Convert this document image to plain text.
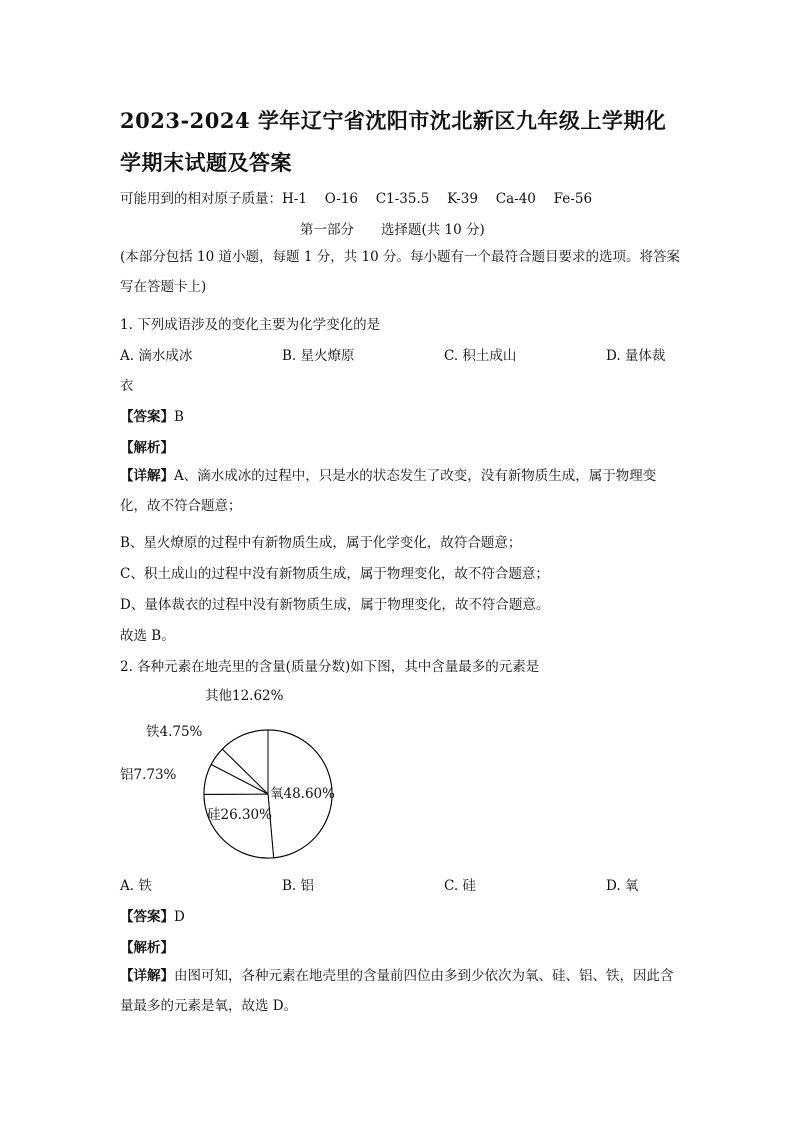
2023-2024 学年辽宁省沈阳市沈北新区九年级上学期化学期末试题及答案
可能用到的相对原子质量：H-1　 O-16 　C1-35.5　 K-39　 Ca-40 　Fe-56
第一部分　　选择题(共 10 分)
(本部分包括 10 道小题，每题 1 分，共 10 分。每小题有一个最符合题目要求的选项。将答案写在答题卡上)
1. 下列成语涉及的变化主要为化学变化的是
A. 滴水成冰	B. 星火燎原	C. 积土成山	D. 量体裁
衣
【答案】B
【解析】
【详解】A、滴水成冰的过程中，只是水的状态发生了改变，没有新物质生成，属于物理变化，故不符合题意；
B、星火燎原的过程中有新物质生成，属于化学变化，故符合题意；
C、积土成山的过程中没有新物质生成，属于物理变化，故不符合题意；
D、量体裁衣的过程中没有新物质生成，属于物理变化，故不符合题意。
故选 B。
2. 各种元素在地壳里的含量(质量分数)如下图，其中含量最多的元素是
其他12.62%
铁4.75%
铝7.73%
硅26.30%
氧48.60%
A. 铁	B. 铝	C. 硅	D. 氧
【答案】D
【解析】
【详解】由图可知，各种元素在地壳里的含量前四位由多到少依次为氧、硅、铝、铁，因此含量最多的元素是氧，故选 D。
